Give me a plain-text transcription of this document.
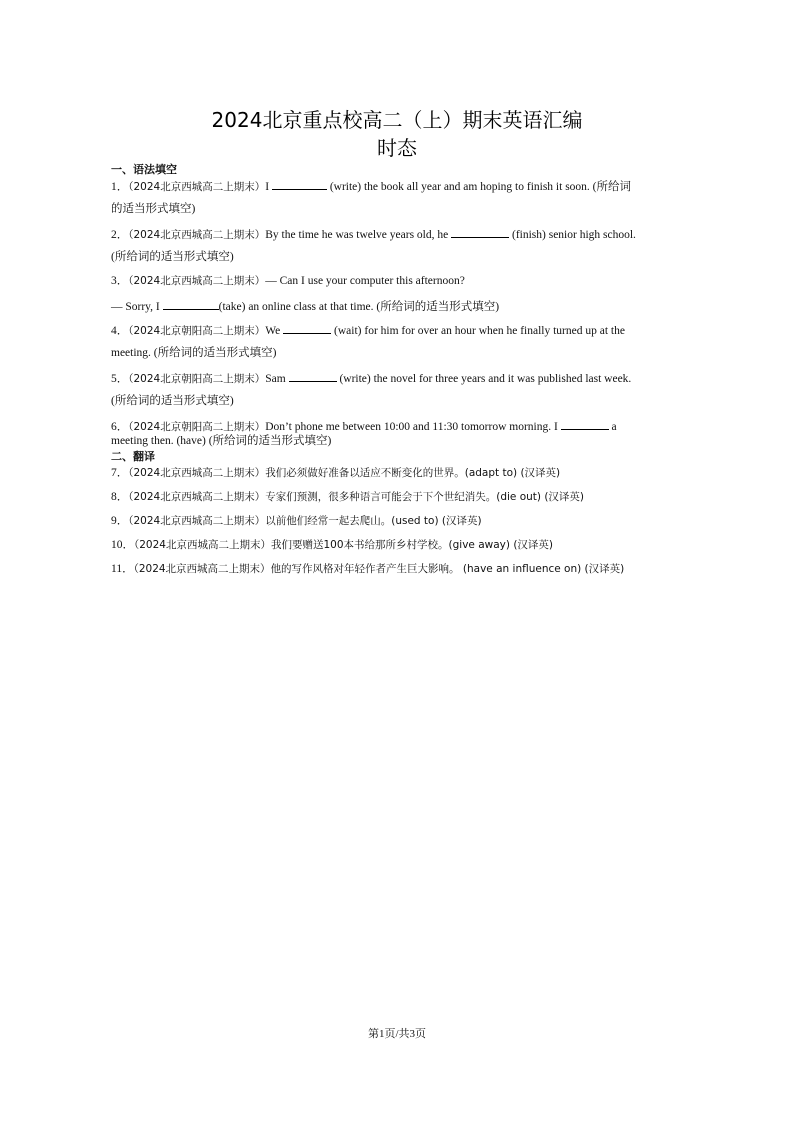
2024北京重点校高二（上）期末英语汇编
时态
一、语法填空
1．（2024北京西城高二上期末）I	(write) the book all year and am hoping to finish it soon. (所给词
的适当形式填空)
2．（2024北京西城高二上期末）By the time he was twelve years old, he	(finish) senior high school.
(所给词的适当形式填空)
3．（2024北京西城高二上期末）— Can I use your computer this afternoon?
— Sorry, I	(take) an online class at that time. (所给词的适当形式填空)
4．（2024北京朝阳高二上期末）We	(wait) for him for over an hour when he finally turned up at the
meeting. (所给词的适当形式填空)
5．（2024北京朝阳高二上期末）Sam	(write) the novel for three years and it was published last week.
(所给词的适当形式填空)
6．（2024北京朝阳高二上期末）Don’t phone me between 10:00 and 11:30 tomorrow morning. I	a
meeting then. (have) (所给词的适当形式填空)
二、翻译
7．（2024北京西城高二上期末）我们必须做好准备以适应不断变化的世界。(adapt to) (汉译英)
8．（2024北京西城高二上期末）专家们预测，很多种语言可能会于下个世纪消失。(die out) (汉译英)
9．（2024北京西城高二上期末）以前他们经常一起去爬山。(used to) (汉译英)
10．（2024北京西城高二上期末）我们要赠送100本书给那所乡村学校。(give away) (汉译英)
11．（2024北京西城高二上期末）他的写作风格对年轻作者产生巨大影响。 (have an influence on) (汉译英)
第1页/共3页
